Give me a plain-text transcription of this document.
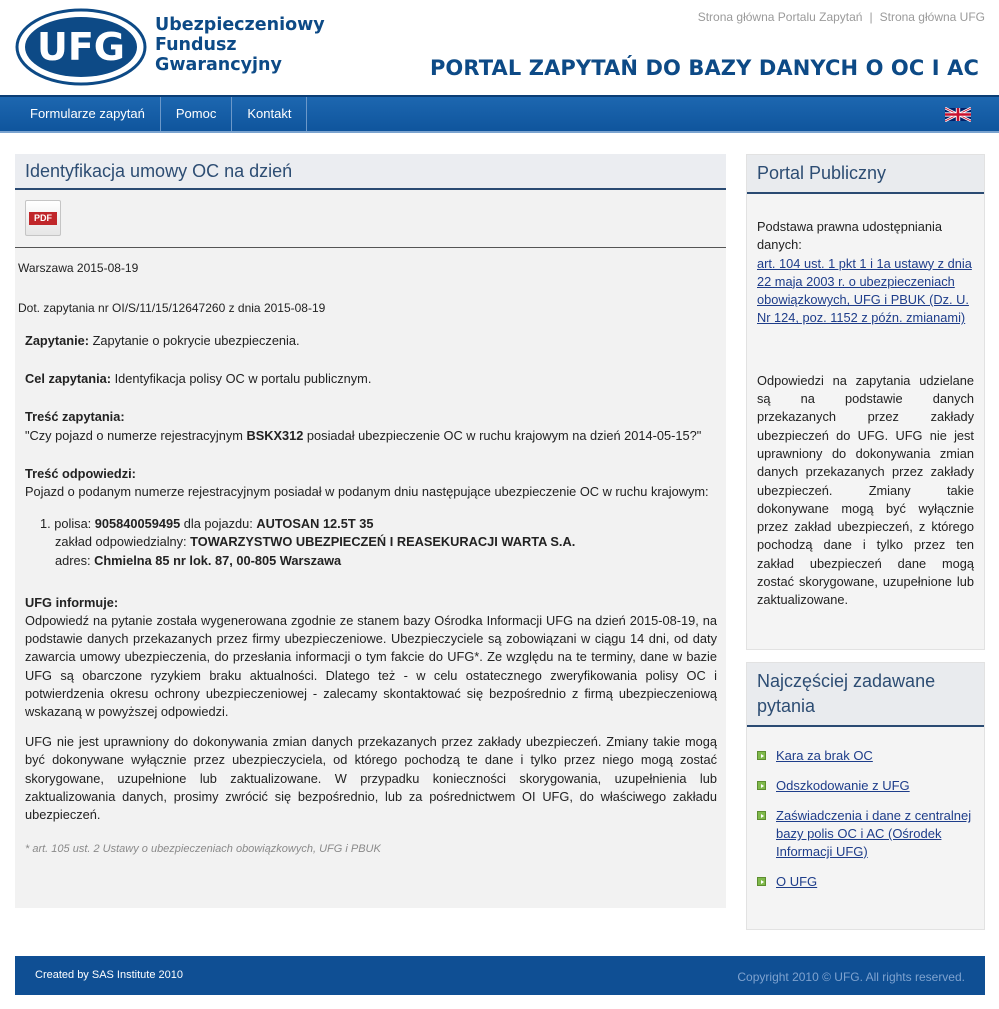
UFG Ubezpieczeniowy
Fundusz
Gwarancyjny
Strona główna Portalu Zapytań | Strona główna UFG
PORTAL ZAPYTAŃ DO BAZY DANYCH O OC I AC
Formularze zapytań	Pomoc	Kontakt
Identyfikacja umowy OC na dzień
PDF
Warszawa 2015-08-19
Dot. zapytania nr OI/S/11/15/12647260 z dnia 2015-08-19
Zapytanie: Zapytanie o pokrycie ubezpieczenia.
Cel zapytania: Identyfikacja polisy OC w portalu publicznym.
Treść zapytania:
"Czy pojazd o numerze rejestracyjnym BSKX312 posiadał ubezpieczenie OC w ruchu krajowym na dzień 2014-05-15?"
Treść odpowiedzi:
Pojazd o podanym numerze rejestracyjnym posiadał w podanym dniu następujące ubezpieczenie OC w ruchu krajowym:
1. polisa: 905840059495 dla pojazdu: AUTOSAN 12.5T 35
zakład odpowiedzialny: TOWARZYSTWO UBEZPIECZEŃ I REASEKURACJI WARTA S.A.
adres: Chmielna 85 nr lok. 87, 00-805 Warszawa
UFG informuje:
Odpowiedź na pytanie została wygenerowana zgodnie ze stanem bazy Ośrodka Informacji UFG na dzień 2015-08-19, na podstawie danych przekazanych przez firmy ubezpieczeniowe. Ubezpieczyciele są zobowiązani w ciągu 14 dni, od daty zawarcia umowy ubezpieczenia, do przesłania informacji o tym fakcie do UFG*. Ze względu na te terminy, dane w bazie UFG są obarczone ryzykiem braku aktualności. Dlatego też - w celu ostatecznego zweryfikowania polisy OC i potwierdzenia okresu ochrony ubezpieczeniowej - zalecamy skontaktować się bezpośrednio z firmą ubezpieczeniową wskazaną w powyższej odpowiedzi.
UFG nie jest uprawniony do dokonywania zmian danych przekazanych przez zakłady ubezpieczeń. Zmiany takie mogą być dokonywane wyłącznie przez ubezpieczyciela, od którego pochodzą te dane i tylko przez niego mogą zostać skorygowane, uzupełnione lub zaktualizowane. W przypadku konieczności skorygowania, uzupełnienia lub zaktualizowania danych, prosimy zwrócić się bezpośrednio, lub za pośrednictwem OI UFG, do właściwego zakładu ubezpieczeń.
* art. 105 ust. 2 Ustawy o ubezpieczeniach obowiązkowych, UFG i PBUK
Portal Publiczny
Podstawa prawna udostępniania danych:
art. 104 ust. 1 pkt 1 i 1a ustawy z dnia 22 maja 2003 r. o ubezpieczeniach obowiązkowych, UFG i PBUK (Dz. U. Nr 124, poz. 1152 z późn. zmianami)
Odpowiedzi na zapytania udzielane są na podstawie danych przekazanych przez zakłady ubezpieczeń do UFG. UFG nie jest uprawniony do dokonywania zmian danych przekazanych przez zakłady ubezpieczeń. Zmiany takie dokonywane mogą być wyłącznie przez zakład ubezpieczeń, z którego pochodzą dane i tylko przez ten zakład ubezpieczeń dane mogą zostać skorygowane, uzupełnione lub zaktualizowane.
Najczęściej zadawane pytania
Kara za brak OC
Odszkodowanie z UFG
Zaświadczenia i dane z centralnej bazy polis OC i AC (Ośrodek Informacji UFG)
O UFG
Created by SAS Institute 2010	Copyright 2010 © UFG. All rights reserved.
